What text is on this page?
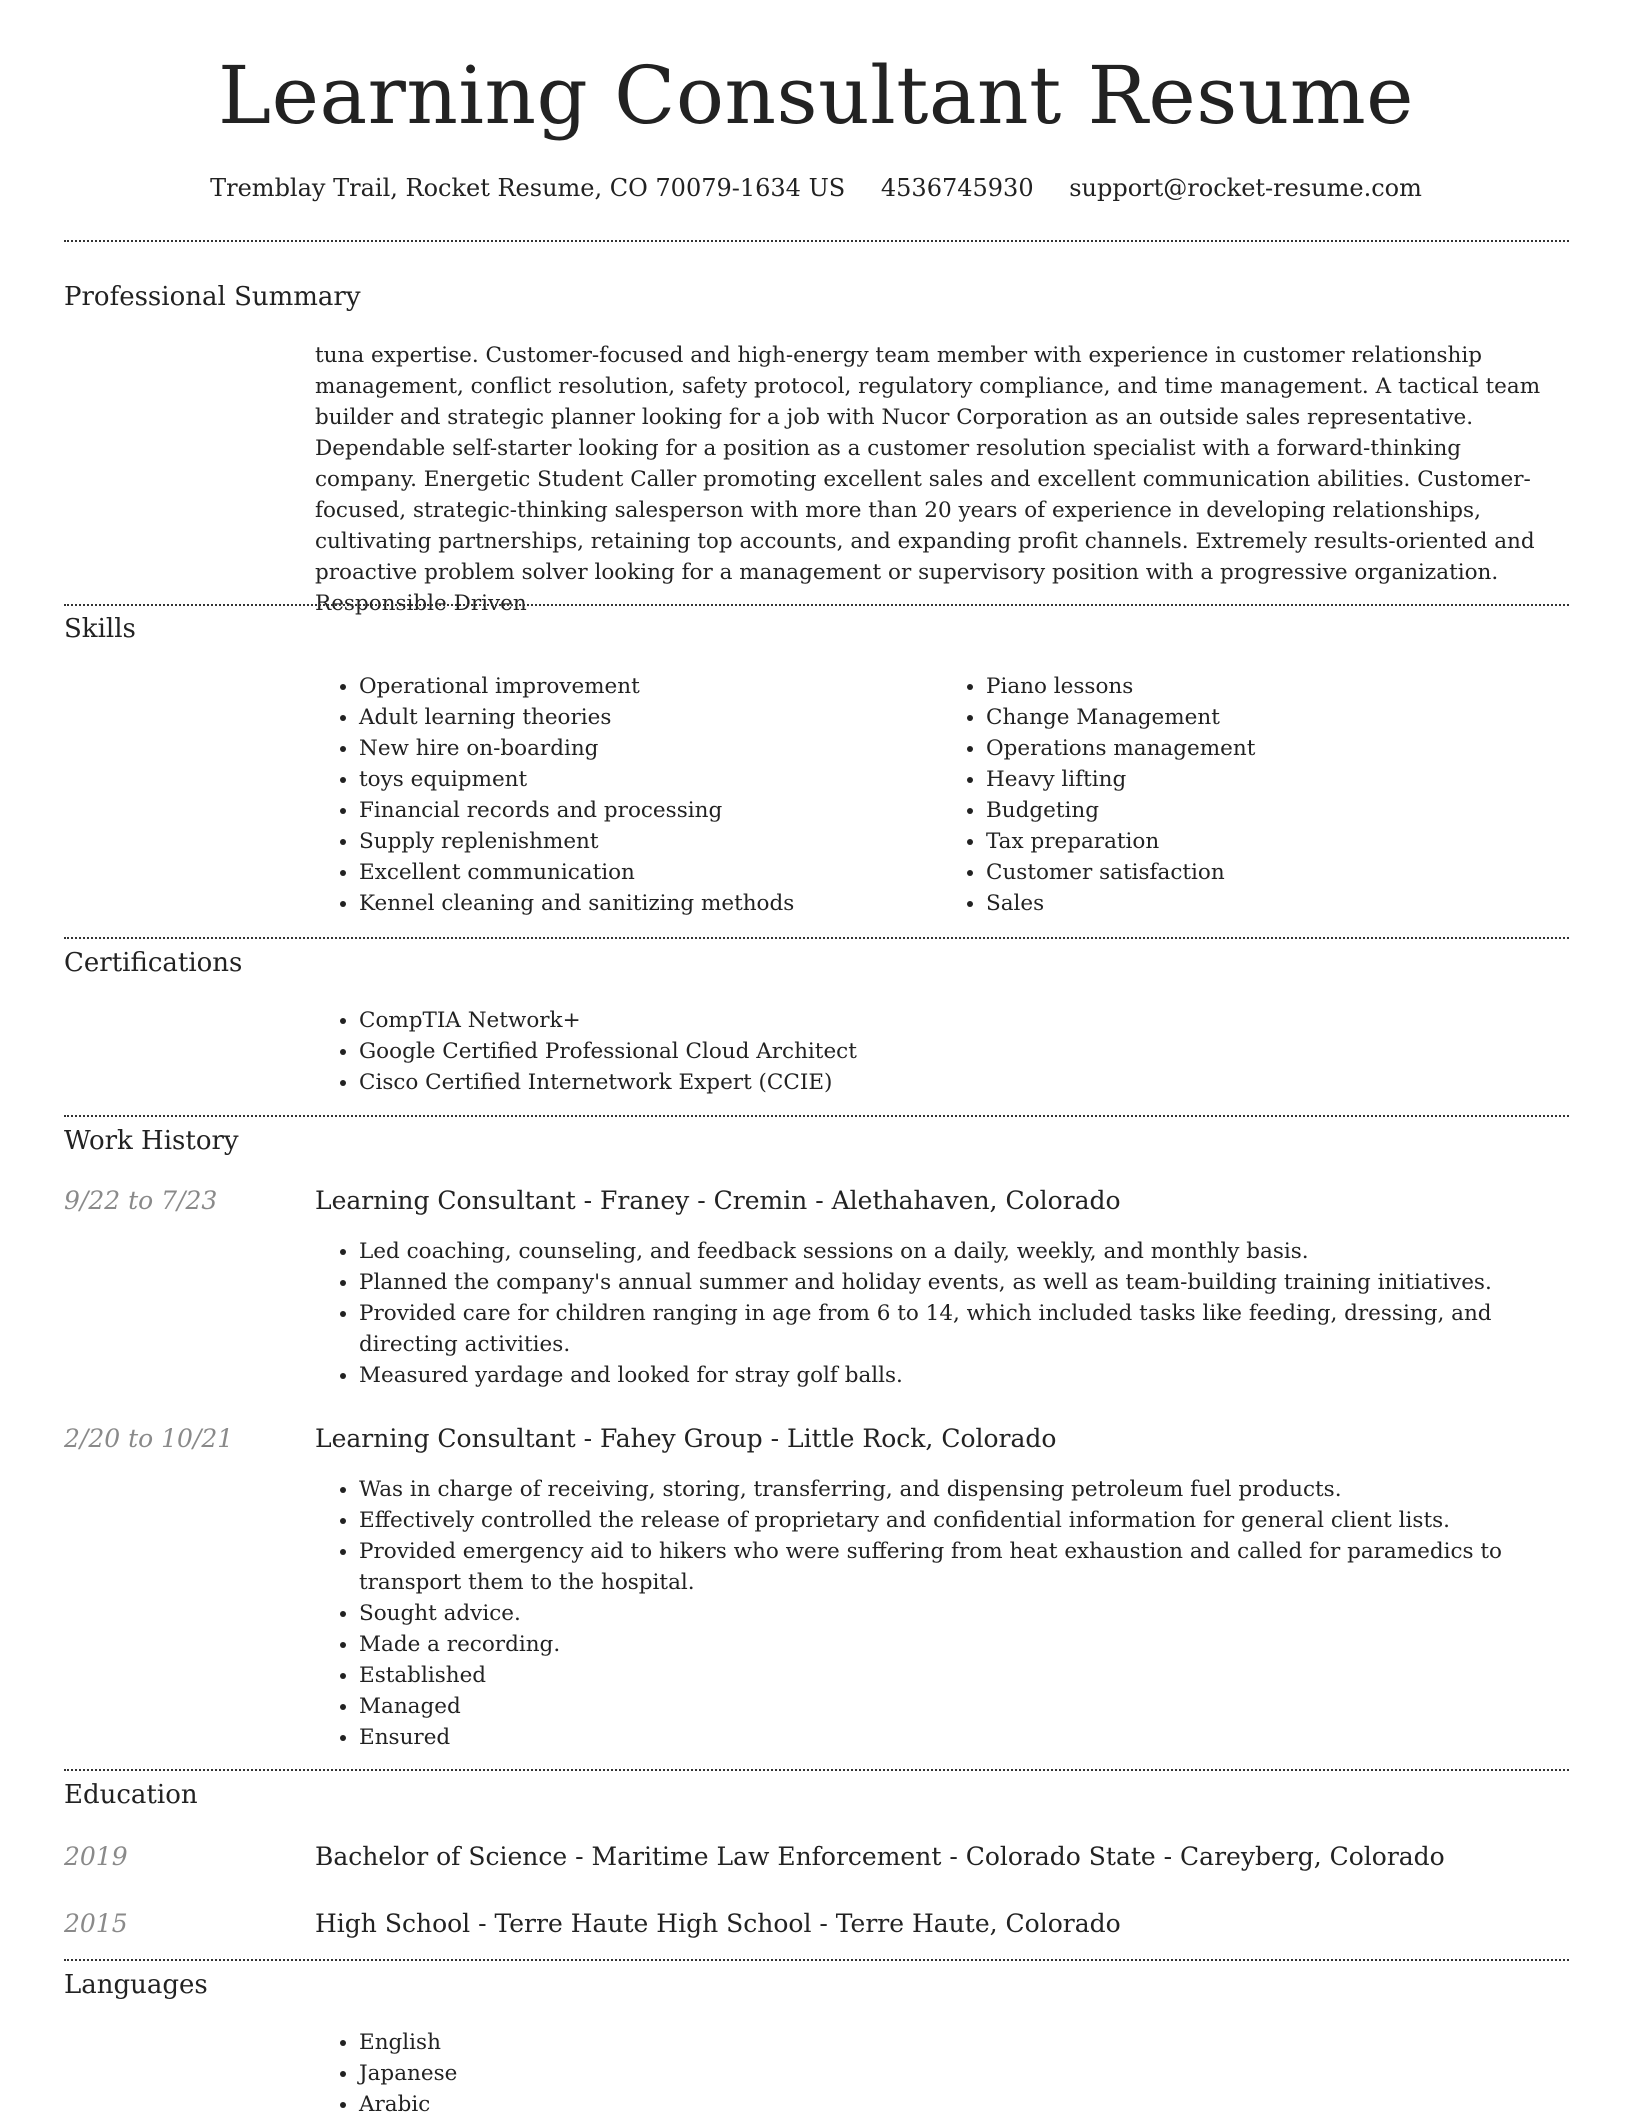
Learning Consultant Resume
Tremblay Trail, Rocket Resume, CO 70079-1634 US 4536745930 support@rocket-resume.com
Professional Summary
tuna expertise. Customer-focused and high-energy team member with experience in customer relationship management, conflict resolution, safety protocol, regulatory compliance, and time management. A tactical team builder and strategic planner looking for a job with Nucor Corporation as an outside sales representative. Dependable self-starter looking for a position as a customer resolution specialist with a forward-thinking company. Energetic Student Caller promoting excellent sales and excellent communication abilities. Customer-focused, strategic-thinking salesperson with more than 20 years of experience in developing relationships, cultivating partnerships, retaining top accounts, and expanding profit channels. Extremely results-oriented and proactive problem solver looking for a management or supervisory position with a progressive organization. Responsible Driven
Skills
• Operational improvement
• Adult learning theories
• New hire on-boarding
• toys equipment
• Financial records and processing
• Supply replenishment
• Excellent communication
• Kennel cleaning and sanitizing methods
• Piano lessons
• Change Management
• Operations management
• Heavy lifting
• Budgeting
• Tax preparation
• Customer satisfaction
• Sales
Certifications
• CompTIA Network+
• Google Certified Professional Cloud Architect
• Cisco Certified Internetwork Expert (CCIE)
Work History
9/22 to 7/23	Learning Consultant - Franey - Cremin - Alethahaven, Colorado
• Led coaching, counseling, and feedback sessions on a daily, weekly, and monthly basis.
• Planned the company's annual summer and holiday events, as well as team-building training initiatives.
• Provided care for children ranging in age from 6 to 14, which included tasks like feeding, dressing, and directing activities.
• Measured yardage and looked for stray golf balls.
2/20 to 10/21	Learning Consultant - Fahey Group - Little Rock, Colorado
• Was in charge of receiving, storing, transferring, and dispensing petroleum fuel products.
• Effectively controlled the release of proprietary and confidential information for general client lists.
• Provided emergency aid to hikers who were suffering from heat exhaustion and called for paramedics to transport them to the hospital.
• Sought advice.
• Made a recording.
• Established
• Managed
• Ensured
Education
2019	Bachelor of Science - Maritime Law Enforcement - Colorado State - Careyberg, Colorado
2015	High School - Terre Haute High School - Terre Haute, Colorado
Languages
• English
• Japanese
• Arabic
